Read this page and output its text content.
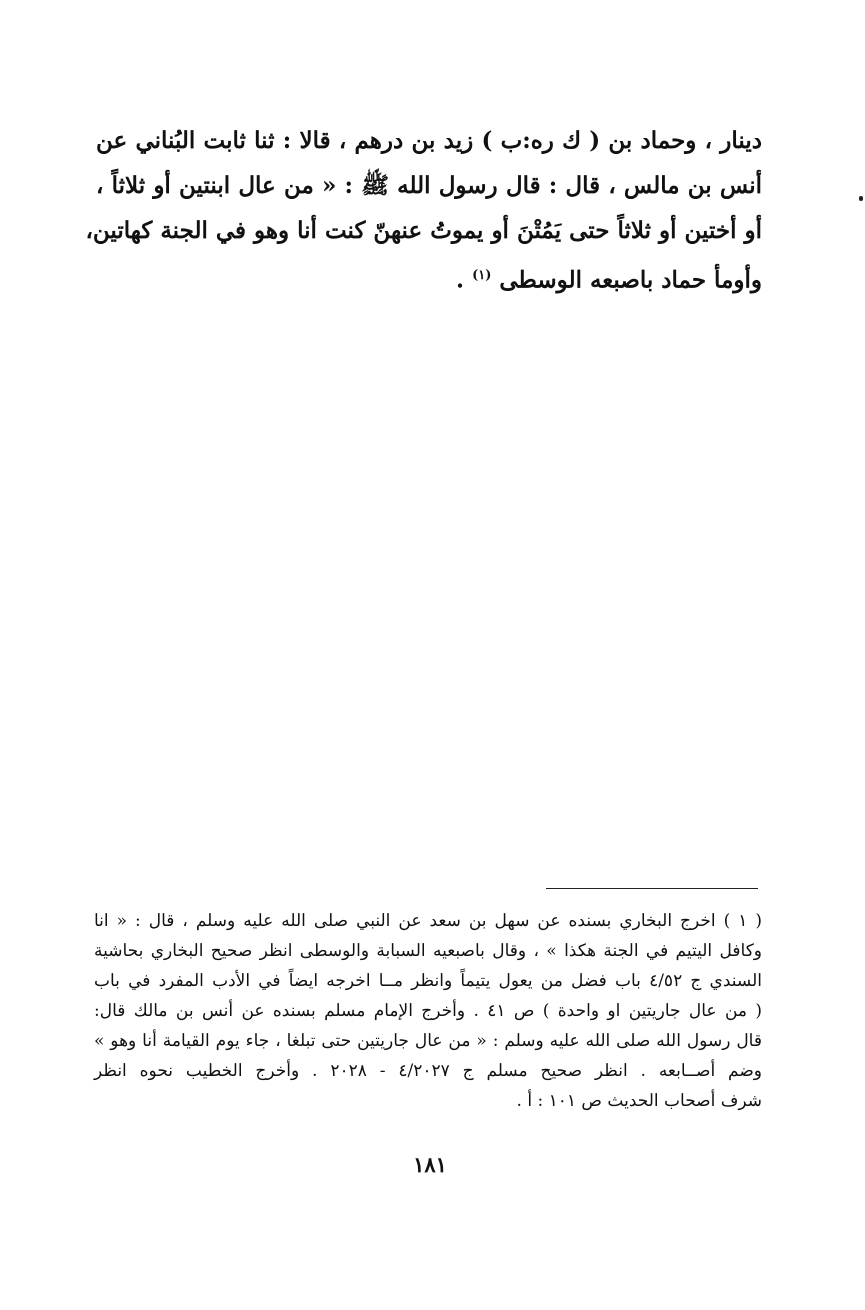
دينار ، وحماد بن ( ك ره:ب ) زيد بن درهم ، قالا : ثنا ثابت البُناني عن
أنس بن مالس ، قال : قال رسول الله ﷺ : « من عال ابنتين أو ثلاثاً ،
أو أختين أو ثلاثاً حتى يَمُتْنَ أو يموتُ عنهنّ كنت أنا وهو في الجنة كهاتين،
وأومأ حماد باصبعه الوسطى $^{(١)}$ .
( ١ ) اخرج البخاري بسنده عن سهل بن سعد عن النبي صلى الله عليه وسلم ، قال : « انا
وكافل اليتيم في الجنة هكذا » ، وقال باصبعيه السبابة والوسطى انظر صحيح البخاري بحاشية
السندي ج ٤/٥٢ باب فضل من يعول يتيماً وانظر مــا اخرجه ايضاً في الأدب المفرد في باب
( من عال جاريتين او واحدة ) ص ٤١ . وأخرج الإمام مسلم بسنده عن أنس بن مالك قال:
قال رسول الله صلى الله عليه وسلم : « من عال جاريتين حتى تبلغا ، جاء يوم القيامة أنا وهو »
وضم أصــابعه . انظر صحيح مسلم ج ٤/٢٠٢٧ - ٢٠٢٨ . وأخرج الخطيب نحوه انظر
شرف أصحاب الحديث ص ١٠١ : أ .
١٨١
